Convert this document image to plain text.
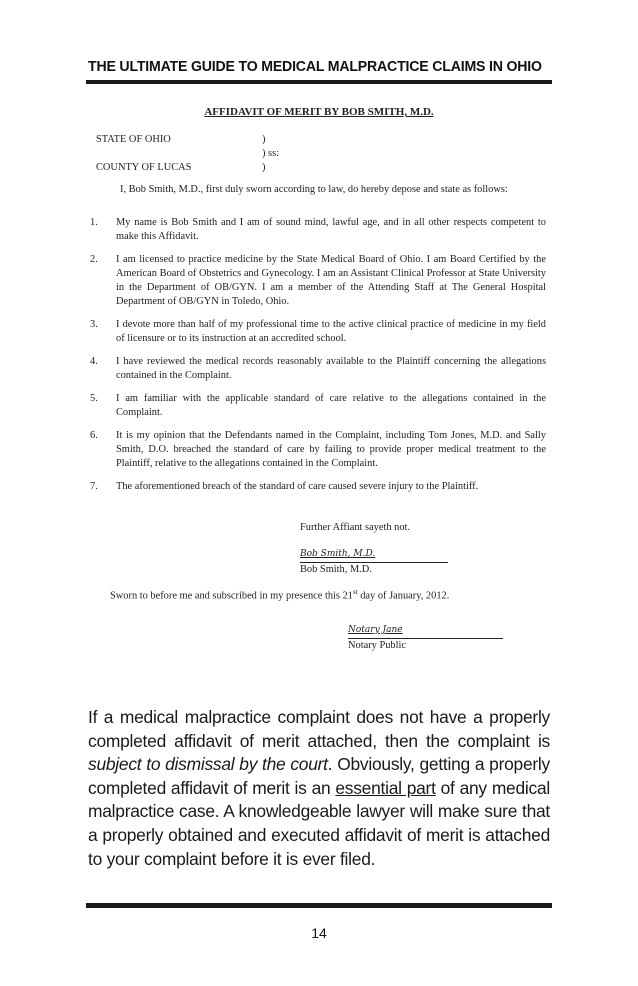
THE ULTIMATE GUIDE TO MEDICAL MALPRACTICE CLAIMS IN OHIO
AFFIDAVIT OF MERIT BY BOB SMITH, M.D.
STATE OF OHIO	)
) ss:
COUNTY OF LUCAS	)
I, Bob Smith, M.D., first duly sworn according to law, do hereby depose and state as follows:
1. My name is Bob Smith and I am of sound mind, lawful age, and in all other respects competent to make this Affidavit.
2. I am licensed to practice medicine by the State Medical Board of Ohio. I am Board Certified by the American Board of Obstetrics and Gynecology. I am an Assistant Clinical Professor at State University in the Department of OB/GYN. I am a member of the Attending Staff at The General Hospital Department of OB/GYN in Toledo, Ohio.
3. I devote more than half of my professional time to the active clinical practice of medicine in my field of licensure or to its instruction at an accredited school.
4. I have reviewed the medical records reasonably available to the Plaintiff concerning the allegations contained in the Complaint.
5. I am familiar with the applicable standard of care relative to the allegations contained in the Complaint.
6. It is my opinion that the Defendants named in the Complaint, including Tom Jones, M.D. and Sally Smith, D.O. breached the standard of care by failing to provide proper medical treatment to the Plaintiff, relative to the allegations contained in the Complaint.
7. The aforementioned breach of the standard of care caused severe injury to the Plaintiff.
Further Affiant sayeth not.
Bob Smith, M.D.
Bob Smith, M.D.
Sworn to before me and subscribed in my presence this 21st day of January, 2012.
Notary Jane
Notary Public

If a medical malpractice complaint does not have a properly completed affidavit of merit attached, then the complaint is subject to dismissal by the court. Obviously, getting a properly completed affidavit of merit is an essential part of any medical malpractice case. A knowledgeable lawyer will make sure that a properly obtained and executed affidavit of merit is attached to your complaint before it is ever filed.

14
